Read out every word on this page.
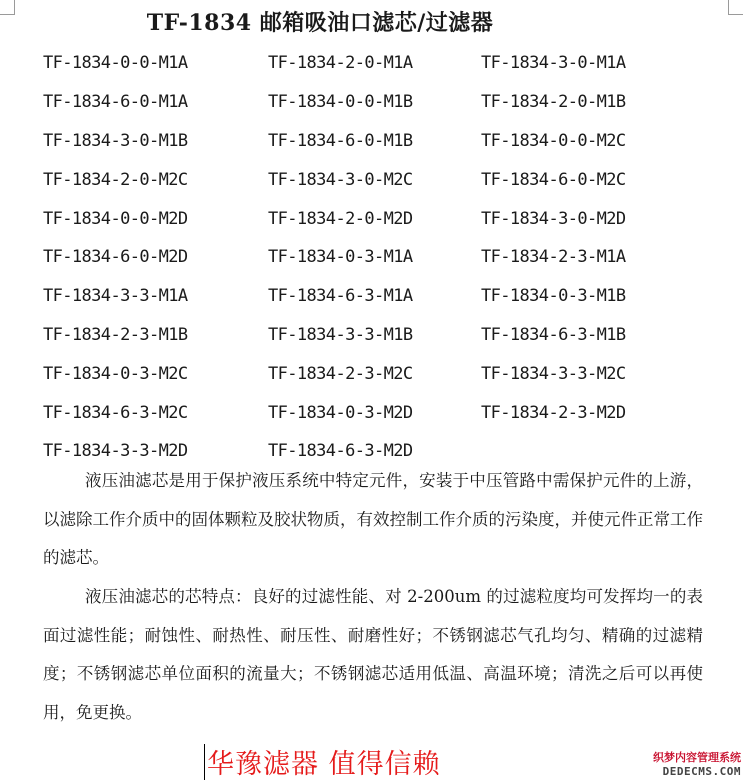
TF-1834 邮箱吸油口滤芯/过滤器
TF-1834-0-0-M1A	TF-1834-2-0-M1A	TF-1834-3-0-M1A
TF-1834-6-0-M1A	TF-1834-0-0-M1B	TF-1834-2-0-M1B
TF-1834-3-0-M1B	TF-1834-6-0-M1B	TF-1834-0-0-M2C
TF-1834-2-0-M2C	TF-1834-3-0-M2C	TF-1834-6-0-M2C
TF-1834-0-0-M2D	TF-1834-2-0-M2D	TF-1834-3-0-M2D
TF-1834-6-0-M2D	TF-1834-0-3-M1A	TF-1834-2-3-M1A
TF-1834-3-3-M1A	TF-1834-6-3-M1A	TF-1834-0-3-M1B
TF-1834-2-3-M1B	TF-1834-3-3-M1B	TF-1834-6-3-M1B
TF-1834-0-3-M2C	TF-1834-2-3-M2C	TF-1834-3-3-M2C
TF-1834-6-3-M2C	TF-1834-0-3-M2D	TF-1834-2-3-M2D
TF-1834-3-3-M2D	TF-1834-6-3-M2D

液压油滤芯是用于保护液压系统中特定元件，安装于中压管路中需保护元件的上游，以滤除工作介质中的固体颗粒及胶状物质，有效控制工作介质的污染度，并使元件正常工作的滤芯。

液压油滤芯的芯特点：良好的过滤性能、对 2-200um 的过滤粒度均可发挥均一的表面过滤性能；耐蚀性、耐热性、耐压性、耐磨性好；不锈钢滤芯气孔均匀、精确的过滤精度；不锈钢滤芯单位面积的流量大；不锈钢滤芯适用低温、高温环境；清洗之后可以再使用，免更换。

华豫滤器 值得信赖	织梦内容管理系统
DEDECMS.COM
